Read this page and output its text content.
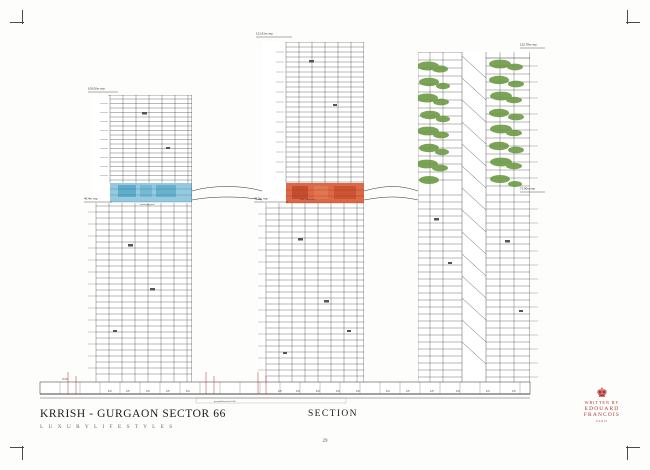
ground floor level 0.00
100.00m nvp
121.61m nvp
122.78m nvp
71.90m nvp
46.4m nvp	46.5m nvp
swimming pool
club / amenities
6.0	3.5	4.5	3.5	6.0	4.5	3.5	6.0	3.5	4.5	6.0	3.5	4.5	3.5	6.0	4.5
±0.00
KRRISH - GURGAON SECTOR 66
L U X U R Y L I F E S T Y L E S
SECTION
29
♚
WRITTEN BY
EDOUARD
FRANCOIS
PARIS
